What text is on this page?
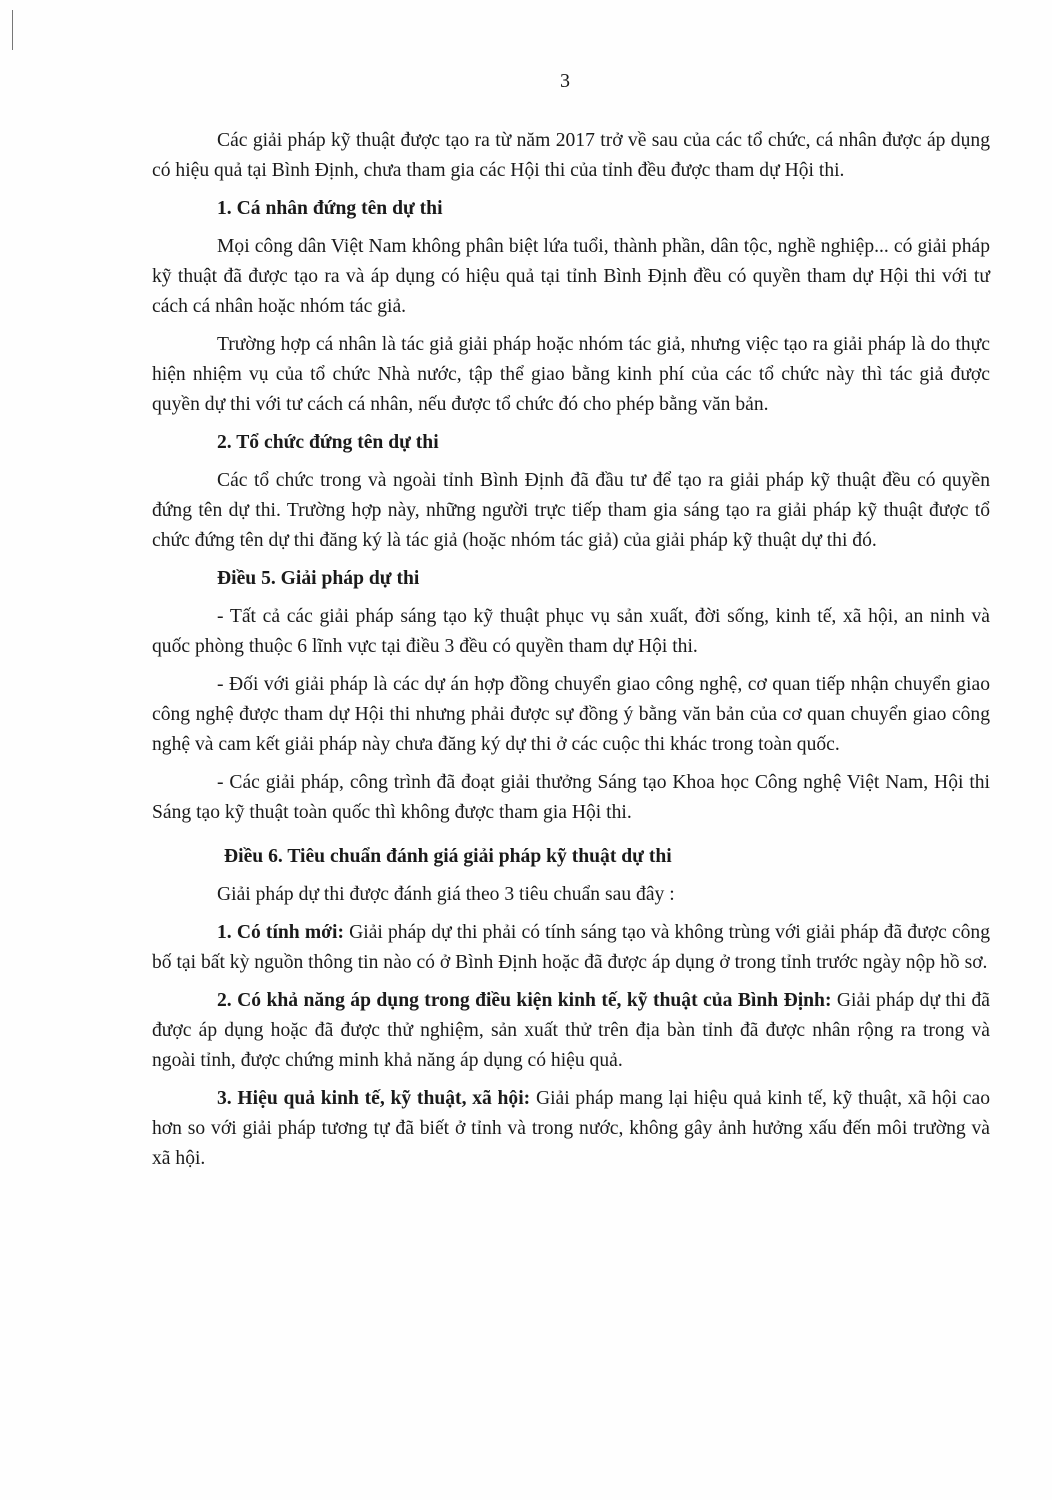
3

Các giải pháp kỹ thuật được tạo ra từ năm 2017 trở về sau của các tổ chức, cá nhân được áp dụng có hiệu quả tại Bình Định, chưa tham gia các Hội thi của tỉnh đều được tham dự Hội thi.

1. Cá nhân đứng tên dự thi

Mọi công dân Việt Nam không phân biệt lứa tuổi, thành phần, dân tộc, nghề nghiệp... có giải pháp kỹ thuật đã được tạo ra và áp dụng có hiệu quả tại tỉnh Bình Định đều có quyền tham dự Hội thi với tư cách cá nhân hoặc nhóm tác giả.

Trường hợp cá nhân là tác giả giải pháp hoặc nhóm tác giả, nhưng việc tạo ra giải pháp là do thực hiện nhiệm vụ của tổ chức Nhà nước, tập thể giao bằng kinh phí của các tổ chức này thì tác giả được quyền dự thi với tư cách cá nhân, nếu được tổ chức đó cho phép bằng văn bản.

2. Tổ chức đứng tên dự thi

Các tổ chức trong và ngoài tỉnh Bình Định đã đầu tư để tạo ra giải pháp kỹ thuật đều có quyền đứng tên dự thi. Trường hợp này, những người trực tiếp tham gia sáng tạo ra giải pháp kỹ thuật được tổ chức đứng tên dự thi đăng ký là tác giả (hoặc nhóm tác giả) của giải pháp kỹ thuật dự thi đó.

Điều 5. Giải pháp dự thi

- Tất cả các giải pháp sáng tạo kỹ thuật phục vụ sản xuất, đời sống, kinh tế, xã hội, an ninh và quốc phòng thuộc 6 lĩnh vực tại điều 3 đều có quyền tham dự Hội thi.

- Đối với giải pháp là các dự án hợp đồng chuyển giao công nghệ, cơ quan tiếp nhận chuyển giao công nghệ được tham dự Hội thi nhưng phải được sự đồng ý bằng văn bản của cơ quan chuyển giao công nghệ và cam kết giải pháp này chưa đăng ký dự thi ở các cuộc thi khác trong toàn quốc.

- Các giải pháp, công trình đã đoạt giải thưởng Sáng tạo Khoa học Công nghệ Việt Nam, Hội thi Sáng tạo kỹ thuật toàn quốc thì không được tham gia Hội thi.

Điều 6. Tiêu chuẩn đánh giá giải pháp kỹ thuật dự thi

Giải pháp dự thi được đánh giá theo 3 tiêu chuẩn sau đây :

1. Có tính mới: Giải pháp dự thi phải có tính sáng tạo và không trùng với giải pháp đã được công bố tại bất kỳ nguồn thông tin nào có ở Bình Định hoặc đã được áp dụng ở trong tỉnh trước ngày nộp hồ sơ.

2. Có khả năng áp dụng trong điều kiện kinh tế, kỹ thuật của Bình Định: Giải pháp dự thi đã được áp dụng hoặc đã được thử nghiệm, sản xuất thử trên địa bàn tỉnh đã được nhân rộng ra trong và ngoài tỉnh, được chứng minh khả năng áp dụng có hiệu quả.

3. Hiệu quả kinh tế, kỹ thuật, xã hội: Giải pháp mang lại hiệu quả kinh tế, kỹ thuật, xã hội cao hơn so với giải pháp tương tự đã biết ở tỉnh và trong nước, không gây ảnh hưởng xấu đến môi trường và xã hội.
